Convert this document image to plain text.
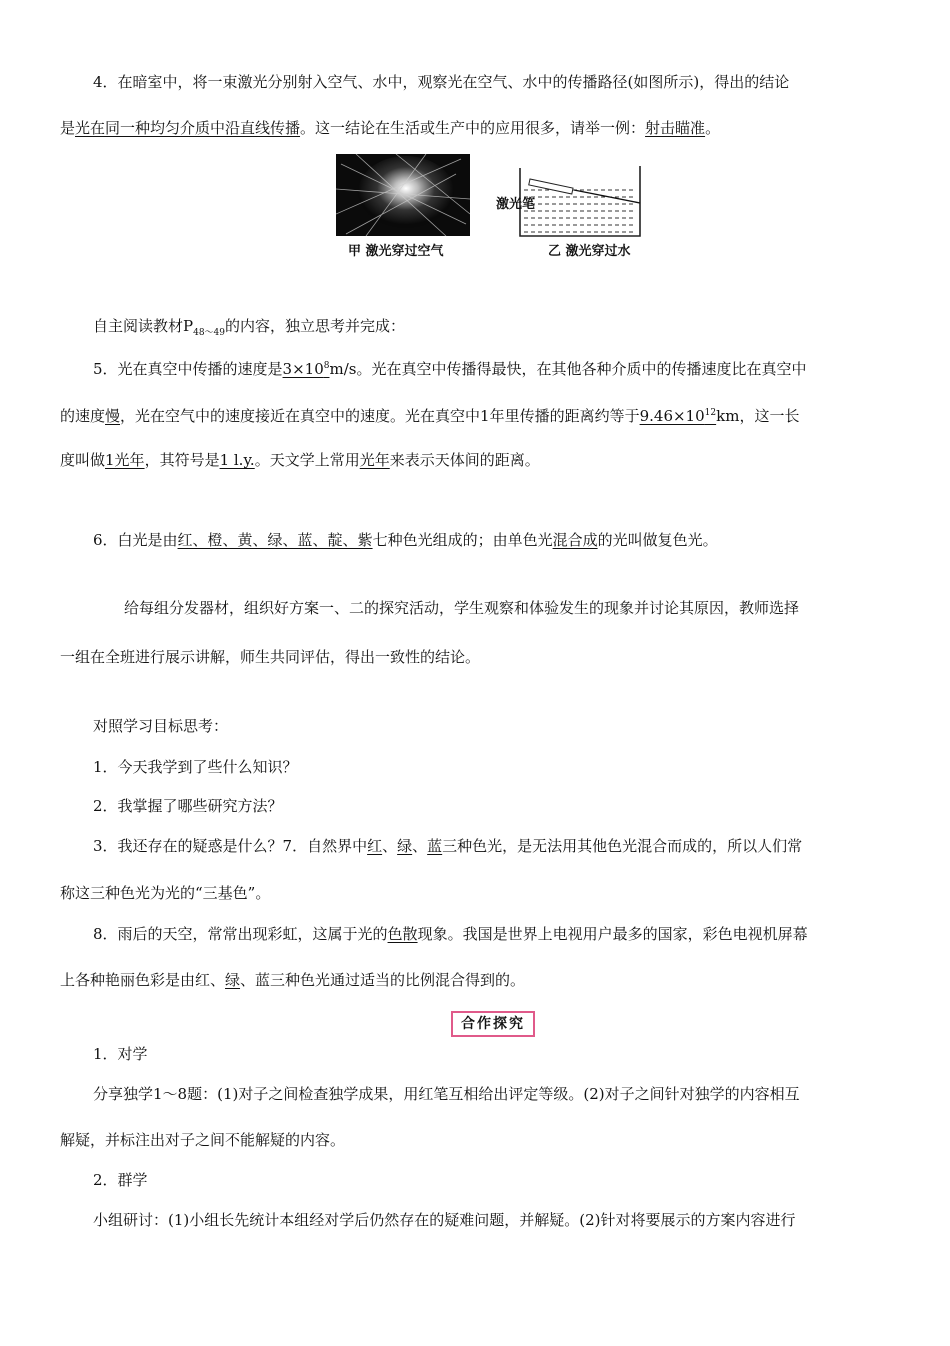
4．在暗室中，将一束激光分别射入空气、水中，观察光在空气、水中的传播路径(如图所示)，得出的结论
是光在同一种均匀介质中沿直线传播。这一结论在生活或生产中的应用很多，请举一例：射击瞄准。
甲 激光穿过空气
激光笔
乙 激光穿过水
自主阅读教材$P_{48\sim 49}$的内容，独立思考并完成：
5．光在真空中传播的速度是$3\times 10^8m/s$。光在真空中传播得最快，在其他各种介质中的传播速度比在真空中
的速度慢，光在空气中的速度接近在真空中的速度。光在真空中1年里传播的距离约等于$9.46\times 10^{12}km$，这一长
度叫做1光年，其符号是1 l.y.。天文学上常用光年来表示天体间的距离。
6．白光是由红、橙、黄、绿、蓝、靛、紫七种色光组成的；由单色光混合成的光叫做复色光。
给每组分发器材，组织好方案一、二的探究活动，学生观察和体验发生的现象并讨论其原因，教师选择
一组在全班进行展示讲解，师生共同评估，得出一致性的结论。
对照学习目标思考：
1．今天我学到了些什么知识？
2．我掌握了哪些研究方法？
3．我还存在的疑惑是什么？7．自然界中红、绿、蓝三种色光，是无法用其他色光混合而成的，所以人们常
称这三种色光为光的“三基色”。
8．雨后的天空，常常出现彩虹，这属于光的色散现象。我国是世界上电视用户最多的国家，彩色电视机屏幕
上各种艳丽色彩是由红、绿、蓝三种色光通过适当的比例混合得到的。
合作探究
1．对学
分享独学1～8题：(1)对子之间检查独学成果，用红笔互相给出评定等级。(2)对子之间针对独学的内容相互
解疑，并标注出对子之间不能解疑的内容。
2．群学
小组研讨：(1)小组长先统计本组经对学后仍然存在的疑难问题，并解疑。(2)针对将要展示的方案内容进行
